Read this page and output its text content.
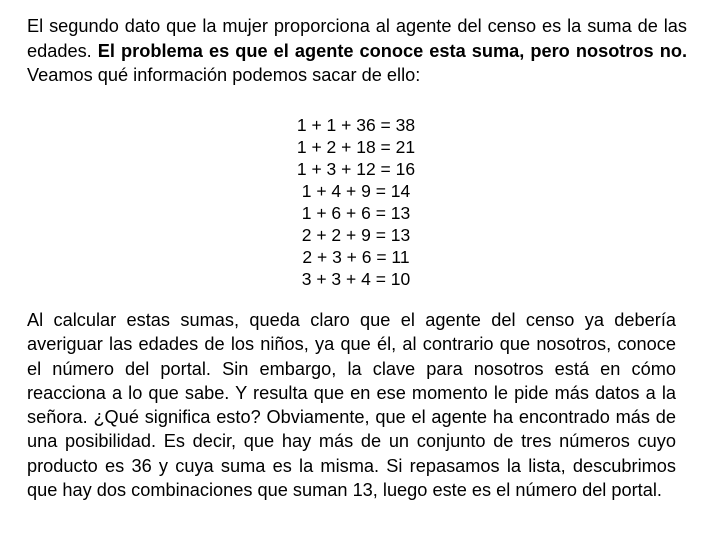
El segundo dato que la mujer proporciona al agente del censo es la suma de las edades. El problema es que el agente conoce esta suma, pero nosotros no. Veamos qué información podemos sacar de ello:

1 + 1 + 36 = 38
1 + 2 + 18 = 21
1 + 3 + 12 = 16
1 + 4 + 9 = 14
1 + 6 + 6 = 13
2 + 2 + 9 = 13
2 + 3 + 6 = 11
3 + 3 + 4 = 10

Al calcular estas sumas, queda claro que el agente del censo ya debería averiguar las edades de los niños, ya que él, al contrario que nosotros, conoce el número del portal. Sin embargo, la clave para nosotros está en cómo reacciona a lo que sabe. Y resulta que en ese momento le pide más datos a la señora. ¿Qué significa esto? Obviamente, que el agente ha encontrado más de una posibilidad. Es decir, que hay más de un conjunto de tres números cuyo producto es 36 y cuya suma es la misma. Si repasamos la lista, descubrimos que hay dos combinaciones que suman 13, luego este es el número del portal.
